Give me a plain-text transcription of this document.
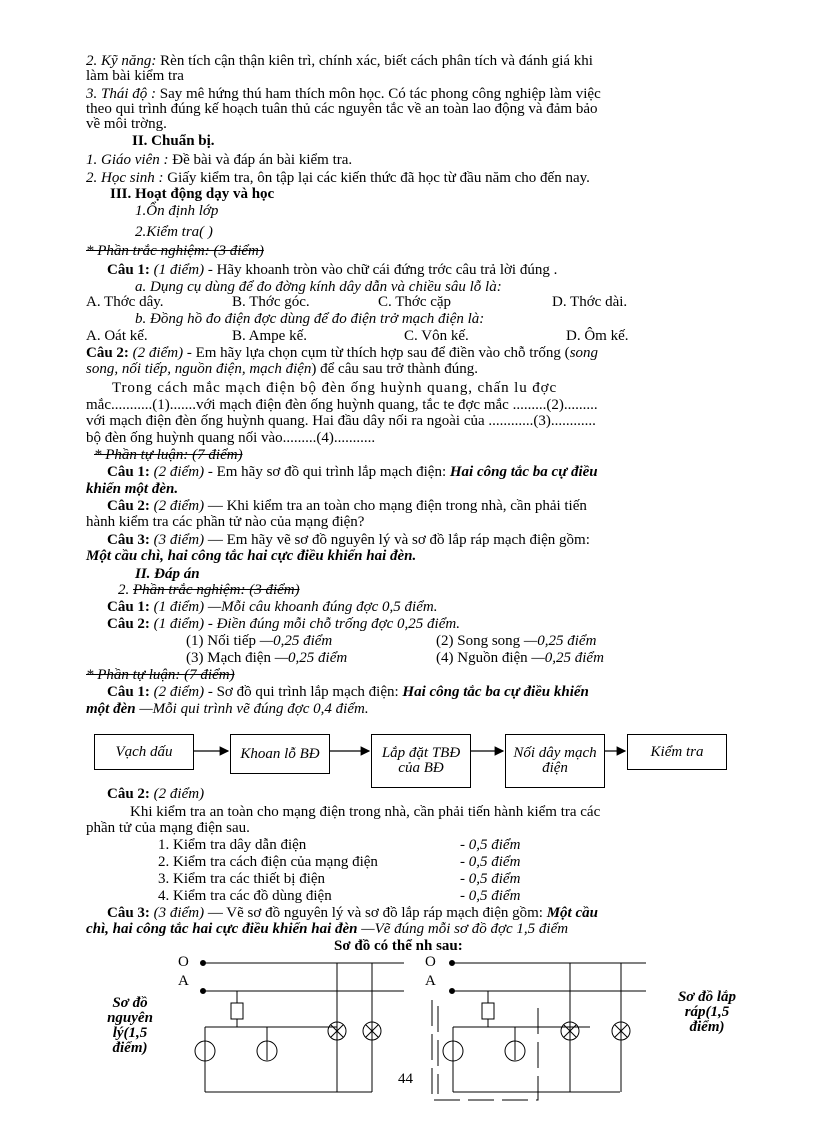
2. Kỹ năng: Rèn tích cận thận kiên trì, chính xác, biết cách phân tích và đánh giá khi
làm bài kiểm tra
3. Thái độ : Say mê hứng thú ham thích môn học. Có tác phong công nghiệp làm việc
theo qui trình đúng kế hoạch tuân thủ các nguyên tắc về an toàn lao động và đảm bảo
về môi trờng.
II. Chuẩn bị.
1. Giáo viên : Đề bài và đáp án bài kiểm tra.
2. Học sinh : Giấy kiểm tra, ôn tập lại các kiến thức đã học từ đầu năm cho đến nay.
III. Hoạt động dạy và học
1.Ổn định lớp
2.Kiểm tra( )
* Phần trắc nghiệm: (3 điểm)
Câu 1: (1 điểm) - Hãy khoanh tròn vào chữ cái đứng trớc câu trả lời đúng .
a. Dụng cụ dùng để đo đờng kính dây dẫn và chiều sâu lỗ là:
A. Thớc dây.	B. Thớc góc.	C. Thớc cặp	D. Thớc dài.
b. Đồng hồ đo điện đợc dùng để đo điện trở mạch điện là:
A. Oát kế.	B. Ampe kế.	C. Vôn kế.	D. Ôm kế.
Câu 2: (2 điểm) - Em hãy lựa chọn cụm từ thích hợp sau để điền vào chỗ trống (song
song, nối tiếp, nguồn điện, mạch điện) để câu sau trở thành đúng.
Trong cách mắc mạch điện bộ đèn ống huỳnh quang, chấn lu đợc
mắc...........(1).......với mạch điện đèn ống huỳnh quang, tắc te đợc mắc .........(2).........
với mạch điện đèn ống huỳnh quang. Hai đầu dây nối ra ngoài của ............(3)............
bộ đèn ống huỳnh quang nối vào.........(4)...........
* Phần tự luận: (7 điểm)
Câu 1: (2 điểm) - Em hãy sơ đồ qui trình lắp mạch điện: Hai công tắc ba cự điều
khiển một đèn.
Câu 2: (2 điểm) — Khi kiểm tra an toàn cho mạng điện trong nhà, cần phải tiến
hành kiểm tra các phần tử nào của mạng điện?
Câu 3: (3 điểm) — Em hãy vẽ sơ đồ nguyên lý và sơ đồ lắp ráp mạch điện gồm:
Một cầu chì, hai công tắc hai cực điều khiển hai đèn.
II. Đáp án
2. Phần trắc nghiệm: (3 điểm)
Câu 1: (1 điểm) —Mỗi câu khoanh đúng đợc 0,5 điểm.
Câu 2: (1 điểm) - Điền đúng mỗi chỗ trống đợc 0,25 điểm.
(1) Nối tiếp —0,25 điểm	(2) Song song —0,25 điểm
(3) Mạch điện —0,25 điểm	(4) Nguồn điện —0,25 điểm
* Phần tự luận: (7 điểm)
Câu 1: (2 điểm) - Sơ đồ qui trình lắp mạch điện: Hai công tắc ba cự điều khiển
một đèn —Mỗi qui trình vẽ đúng đợc 0,4 điểm.
Vạch dấu	Khoan lỗ BĐ	Lắp đặt TBĐ của BĐ
Nối dây mạch điện
Kiểm tra
Câu 2: (2 điểm)
Khi kiểm tra an toàn cho mạng điện trong nhà, cần phải tiến hành kiểm tra các
phần tử của mạng điện sau.
1. Kiểm tra dây dẫn điện	- 0,5 điểm
2. Kiểm tra cách điện của mạng điện	- 0,5 điểm
3. Kiểm tra các thiết bị điện	- 0,5 điểm
4. Kiểm tra các đồ dùng điện	- 0,5 điểm
Câu 3: (3 điểm) — Vẽ sơ đồ nguyên lý và sơ đồ lắp ráp mạch điện gồm: Một cầu
chì, hai công tắc hai cực điều khiển hai đèn —Vẽ đúng mỗi sơ đồ đợc 1,5 điểm
Sơ đồ có thể nh sau:
Sơ đồ nguyên lý(1,5 điểm)
Sơ đồ lắp ráp(1,5 điểm)
O
A
O
A
44
